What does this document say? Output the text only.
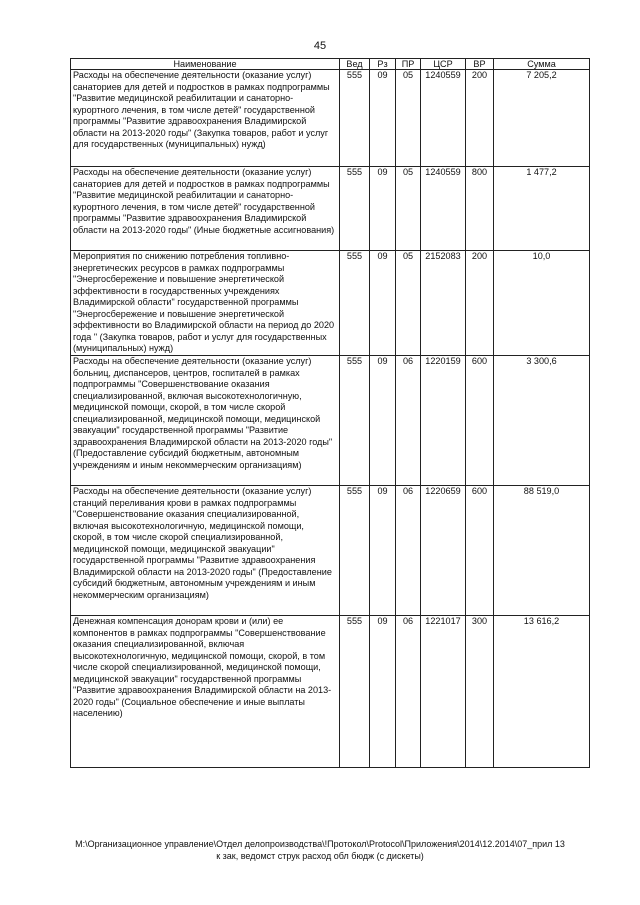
45
Наименование	Вед	Рз	ПР	ЦСР	ВР	Сумма
Расходы на обеспечение деятельности (оказание услуг) санаториев для детей и подростков в рамках подпрограммы "Развитие медицинской реабилитации и санаторно-курортного лечения, в том числе детей" государственной программы "Развитие здравоохранения Владимирской области на 2013-2020 годы" (Закупка товаров, работ и услуг для государственных (муниципальных) нужд)	555	09	05	1240559	200	7 205,2
Расходы на обеспечение деятельности (оказание услуг) санаториев для детей и подростков в рамках подпрограммы "Развитие медицинской реабилитации и санаторно-курортного лечения, в том числе детей" государственной программы "Развитие здравоохранения Владимирской области на 2013-2020 годы" (Иные бюджетные ассигнования)	555	09	05	1240559	800	1 477,2
Мероприятия по снижению потребления топливно-энергетических ресурсов в рамках подпрограммы "Энергосбережение и повышение энергетической эффективности в государственных учреждениях Владимирской области" государственной программы "Энергосбережение и повышение энергетической эффективности во Владимирской области на период до 2020 года " (Закупка товаров, работ и услуг для государственных (муниципальных) нужд)	555	09	05	2152083	200	10,0
Расходы на обеспечение деятельности (оказание услуг) больниц, диспансеров, центров, госпиталей в рамках подпрограммы "Совершенствование оказания специализированной, включая высокотехнологичную, медицинской помощи, скорой, в том числе скорой специализированной, медицинской помощи, медицинской эвакуации" государственной программы "Развитие здравоохранения Владимирской области на 2013-2020 годы" (Предоставление субсидий бюджетным, автономным учреждениям и иным некоммерческим организациям)	555	09	06	1220159	600	3 300,6
Расходы на обеспечение деятельности (оказание услуг) станций переливания крови в рамках подпрограммы "Совершенствование оказания специализированной, включая высокотехнологичную, медицинской помощи, скорой, в том числе скорой специализированной, медицинской помощи, медицинской эвакуации" государственной программы "Развитие здравоохранения Владимирской области на 2013-2020 годы" (Предоставление субсидий бюджетным, автономным учреждениям и иным некоммерческим организациям)	555	09	06	1220659	600	88 519,0
Денежная компенсация донорам крови и (или) ее компонентов в рамках подпрограммы "Совершенствование оказания специализированной, включая высокотехнологичную, медицинской помощи, скорой, в том числе скорой специализированной, медицинской помощи, медицинской эвакуации" государственной программы "Развитие здравоохранения Владимирской области на 2013-2020 годы" (Социальное обеспечение и иные выплаты населению)	555	09	06	1221017	300	13 616,2
M:\Организационное управление\Отдел делопроизводства\!Протокол\Protocol\Приложения\2014\12.2014\07_прил 13
к зак, ведомст струк расход обл бюдж (с дискеты)
